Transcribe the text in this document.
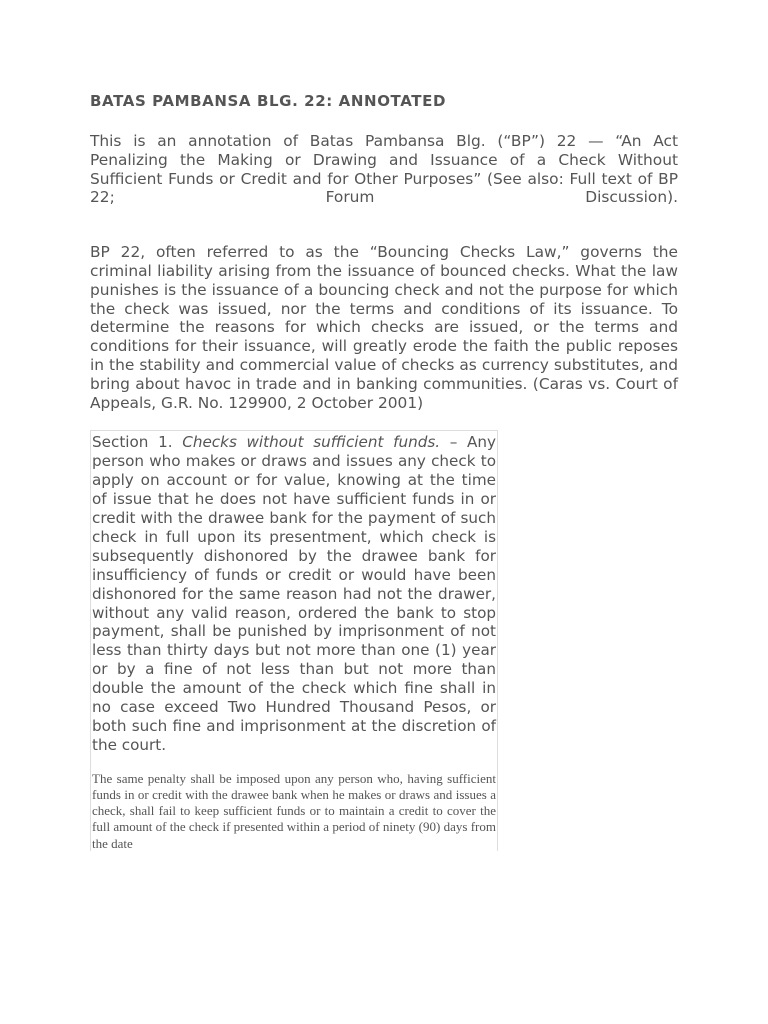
BATAS PAMBANSA BLG. 22: ANNOTATED

This is an annotation of Batas Pambansa Blg. (“BP”) 22 — “An Act Penalizing the Making or Drawing and Issuance of a Check Without Sufficient Funds or Credit and for Other Purposes” (See also: Full text of BP 22; Forum Discussion).

BP 22, often referred to as the “Bouncing Checks Law,” governs the criminal liability arising from the issuance of bounced checks. What the law punishes is the issuance of a bouncing check and not the purpose for which the check was issued, nor the terms and conditions of its issuance. To determine the reasons for which checks are issued, or the terms and conditions for their issuance, will greatly erode the faith the public reposes in the stability and commercial value of checks as currency substitutes, and bring about havoc in trade and in banking communities. (Caras vs. Court of Appeals, G.R. No. 129900, 2 October 2001)

Section 1. Checks without sufficient funds. – Any person who makes or draws and issues any check to apply on account or for value, knowing at the time of issue that he does not have sufficient funds in or credit with the drawee bank for the payment of such check in full upon its presentment, which check is subsequently dishonored by the drawee bank for insufficiency of funds or credit or would have been dishonored for the same reason had not the drawer, without any valid reason, ordered the bank to stop payment, shall be punished by imprisonment of not less than thirty days but not more than one (1) year or by a fine of not less than but not more than double the amount of the check which fine shall in no case exceed Two Hundred Thousand Pesos, or both such fine and imprisonment at the discretion of the court.

The same penalty shall be imposed upon any person who, having sufficient funds in or credit with the drawee bank when he makes or draws and issues a check, shall fail to keep sufficient funds or to maintain a credit to cover the full amount of the check if presented within a period of ninety (90) days from the date
